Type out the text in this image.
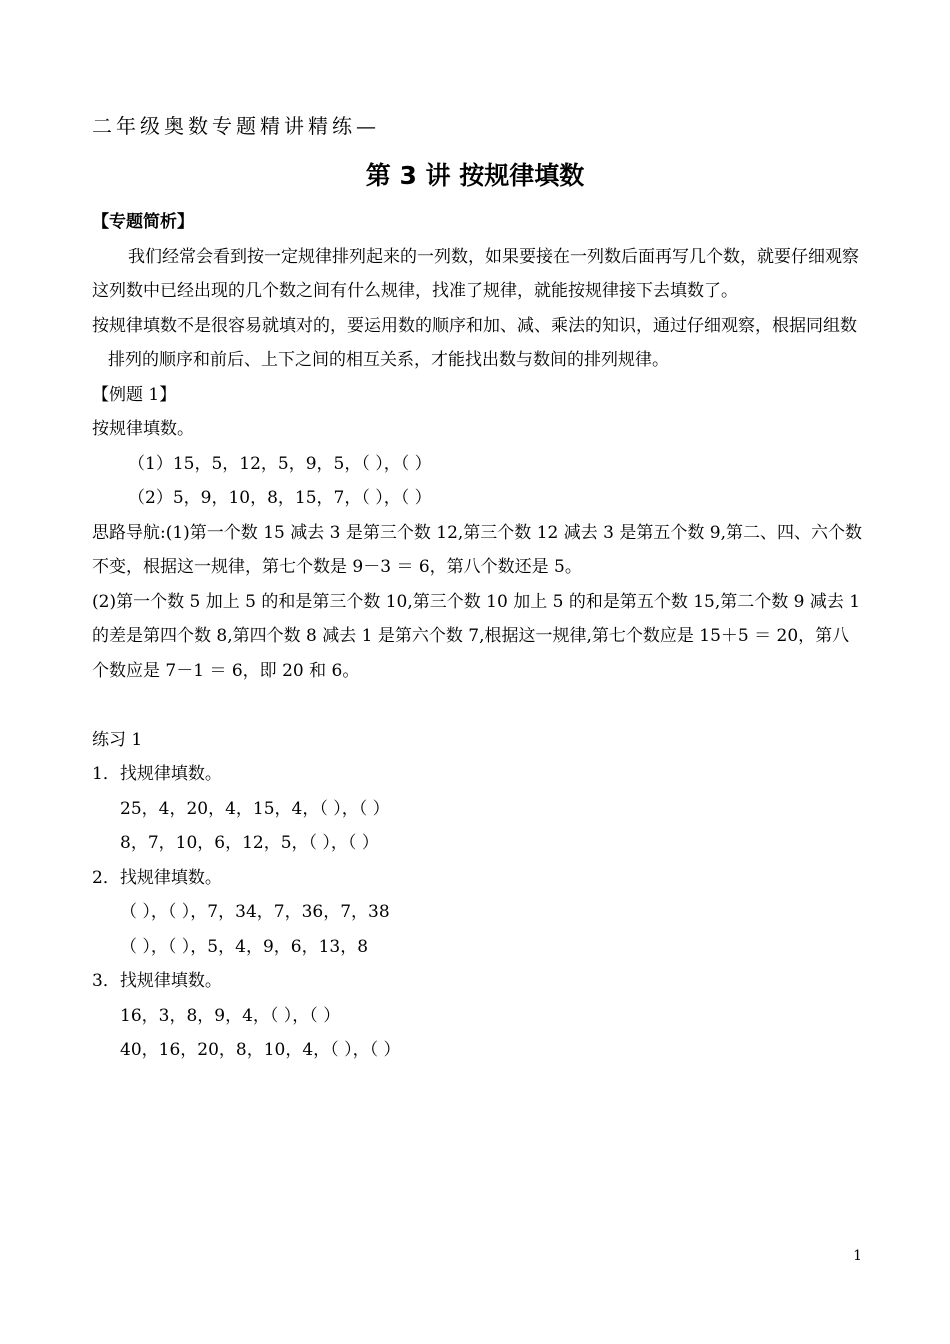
二年级奥数专题精讲精练—
第 3 讲 按规律填数

【专题简析】

我们经常会看到按一定规律排列起来的一列数，如果要接在一列数后面再写几个数，就要仔细观察这列数中已经出现的几个数之间有什么规律，找准了规律，就能按规律接下去填数了。

按规律填数不是很容易就填对的，要运用数的顺序和加、减、乘法的知识，通过仔细观察，根据同组数排列的顺序和前后、上下之间的相互关系，才能找出数与数间的排列规律。

【例题 1】

按规律填数。

（1）15，5，12，5，9，5，（ ），（ ）

（2）5，9，10，8，15，7，（ ），（ ）

思路导航:(1)第一个数 15 减去 3 是第三个数 12,第三个数 12 减去 3 是第五个数 9,第二、四、六个数不变，根据这一规律，第七个数是 9－3 ＝ 6，第八个数还是 5。

(2)第一个数 5 加上 5 的和是第三个数 10,第三个数 10 加上 5 的和是第五个数 15,第二个数 9 减去 1 的差是第四个数 8,第四个数 8 减去 1 是第六个数 7,根据这一规律,第七个数应是 15＋5 ＝ 20，第八个数应是 7－1 ＝ 6，即 20 和 6。

练习 1

1．找规律填数。

25，4，20，4，15，4，（ ），（ ）

8，7，10，6，12，5，（ ），（ ）

2．找规律填数。

（ ），（ ），7，34，7，36，7，38

（ ），（ ），5，4，9，6，13，8

3．找规律填数。

16，3，8，9，4，（ ），（ ）

40，16，20，8，10，4，（ ），（ ）

1
